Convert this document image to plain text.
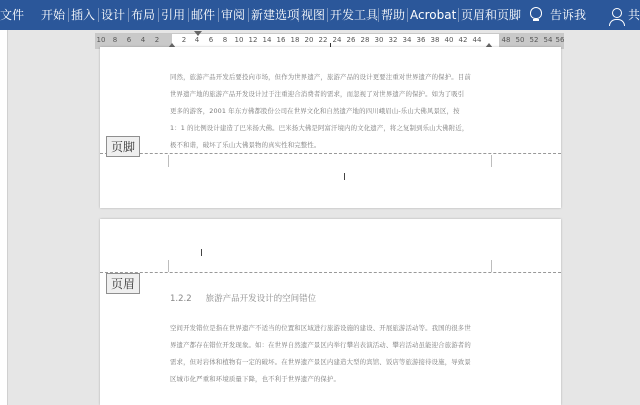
文件 开始 插入 设计 布局 引用 邮件 审阅 新建选项 视图 开发工具 帮助 Acrobat 页眉和页脚 告诉我	共
10 8 6 4 2	2 4 6 8 10 12 14 16 18 20 22 24 26 28 30 32 34 36 38 40 42 44	48 50 52 54 56
同然，旅游产品开发后要投向市场，但作为世界遗产，旅游产品的设计更要注重对世界遗产的保护。目前
世界遗产地的旅游产品开发设计过于注重迎合消费者的需求，而忽视了对世界遗产的保护。如为了吸引
更多的游客，2001 年东方佛都股份公司在世界文化和自然遗产地的四川峨眉山-乐山大佛风景区，按
1：1 的比例设计建造了巴米扬大佛。巴米扬大佛是阿富汗境内的文化遗产，将之复制到乐山大佛附近，
极不和谐，破坏了乐山大佛景物的真实性和完整性。
页脚
页眉
1.2.2 旅游产品开发设计的空间错位
空间开发错位是指在世界遗产不适当的位置和区域进行旅游设施的建设、开展旅游活动等。我国的很多世
界遗产都存在错位开发现象。如：在世界自然遗产景区内举行攀岩表演活动、攀岩活动虽能迎合旅游者的
需求，但对岩体和植物有一定的破坏。在世界遗产景区内建造大型的宾馆、饭店等旅游接待设施，导致景
区城市化严重和环境质量下降，也不利于世界遗产的保护。
